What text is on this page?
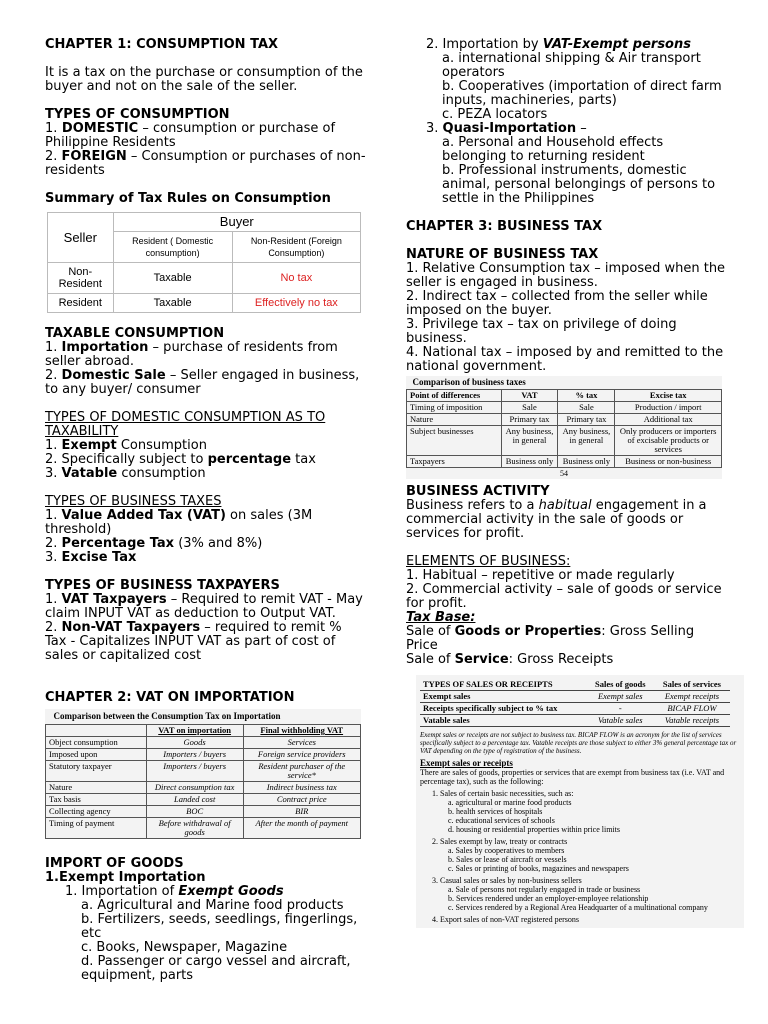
CHAPTER 1: CONSUMPTION TAX

It is a tax on the purchase or consumption of the buyer and not on the sale of the seller.

TYPES OF CONSUMPTION

1. DOMESTIC – consumption or purchase of Philippine Residents

2. FOREIGN – Consumption or purchases of non-residents

Summary of Tax Rules on Consumption

Seller	Buyer	
	Resident ( Domestic consumption)	Non-Resident (Foreign Consumption)
Non-Resident	Taxable	No tax
Resident	Taxable	Effectively no tax

TAXABLE CONSUMPTION

1. Importation – purchase of residents from seller abroad.

2. Domestic Sale – Seller engaged in business, to any buyer/ consumer

TYPES OF DOMESTIC CONSUMPTION AS TO TAXABILITY

1. Exempt Consumption

2. Specifically subject to percentage tax

3. Vatable consumption

TYPES OF BUSINESS TAXES

1. Value Added Tax (VAT) on sales (3M threshold)

2. Percentage Tax (3% and 8%)

3. Excise Tax

TYPES OF BUSINESS TAXPAYERS

1. VAT Taxpayers – Required to remit VAT - May claim INPUT VAT as deduction to Output VAT.

2. Non-VAT Taxpayers – required to remit % Tax - Capitalizes INPUT VAT as part of cost of sales or capitalized cost

CHAPTER 2: VAT ON IMPORTATION

Comparison between the Consumption Tax on Importation		
	VAT on importation	Final withholding VAT
Object consumption	Goods	Services
Imposed upon	Importers / buyers	Foreign service providers
Statutory taxpayer	Importers / buyers	Resident purchaser of the service*
Nature	Direct consumption tax	Indirect business tax
Tax basis	Landed cost	Contract price
Collecting agency	BOC	BIR
Timing of payment	Before withdrawal of goods	After the month of payment

IMPORT OF GOODS

1.Exempt Importation

1. Importation of Exempt Goods

a. Agricultural and Marine food products

b. Fertilizers, seeds, seedlings, fingerlings, etc

c. Books, Newspaper, Magazine

d. Passenger or cargo vessel and aircraft, equipment, parts

2. Importation by VAT-Exempt persons

a. international shipping & Air transport operators

b. Cooperatives (importation of direct farm inputs, machineries, parts)

c. PEZA locators

3. Quasi-Importation –

a. Personal and Household effects belonging to returning resident

b. Professional instruments, domestic animal, personal belongings of persons to settle in the Philippines

CHAPTER 3: BUSINESS TAX

NATURE OF BUSINESS TAX

1. Relative Consumption tax – imposed when the seller is engaged in business.

2. Indirect tax – collected from the seller while imposed on the buyer.

3. Privilege tax – tax on privilege of doing business.

4. National tax – imposed by and remitted to the national government.

Comparison of business taxes			
Point of differences	VAT	% tax	Excise tax
Timing of imposition	Sale	Sale	Production / import
Nature	Primary tax	Primary tax	Additional tax
Subject businesses	Any business, in general	Any business, in general	Only producers or importers of excisable products or services
Taxpayers	Business only	Business only	Business or non-business
54			

BUSINESS ACTIVITY

Business refers to a habitual engagement in a commercial activity in the sale of goods or services for profit.

ELEMENTS OF BUSINESS:

1. Habitual – repetitive or made regularly

2. Commercial activity – sale of goods or service for profit.

Tax Base:

Sale of Goods or Properties: Gross Selling Price

Sale of Service: Gross Receipts

TYPES OF SALES OR RECEIPTS	Sales of goods	Sales of services
Exempt sales	Exempt sales	Exempt receipts
Receipts specifically subject to % tax	-	BICAP FLOW
Vatable sales	Vatable sales	Vatable receipts

Exempt sales or receipts are not subject to business tax. BICAP FLOW is an acronym for the list of services specifically subject to a percentage tax. Vatable receipts are those subject to either 3% general percentage tax or VAT depending on the type of registration of the business.

Exempt sales or receipts

There are sales of goods, properties or services that are exempt from business tax (i.e. VAT and percentage tax), such as the following:

1. Sales of certain basic necessities, such as:

a. agricultural or marine food products

b. health services of hospitals

c. educational services of schools

d. housing or residential properties within price limits

2. Sales exempt by law, treaty or contracts

a. Sales by cooperatives to members

b. Sales or lease of aircraft or vessels

c. Sales or printing of books, magazines and newspapers

3. Casual sales or sales by non-business sellers

a. Sale of persons not regularly engaged in trade or business

b. Services rendered under an employer-employee relationship

c. Services rendered by a Regional Area Headquarter of a multinational company

4. Export sales of non-VAT registered persons
